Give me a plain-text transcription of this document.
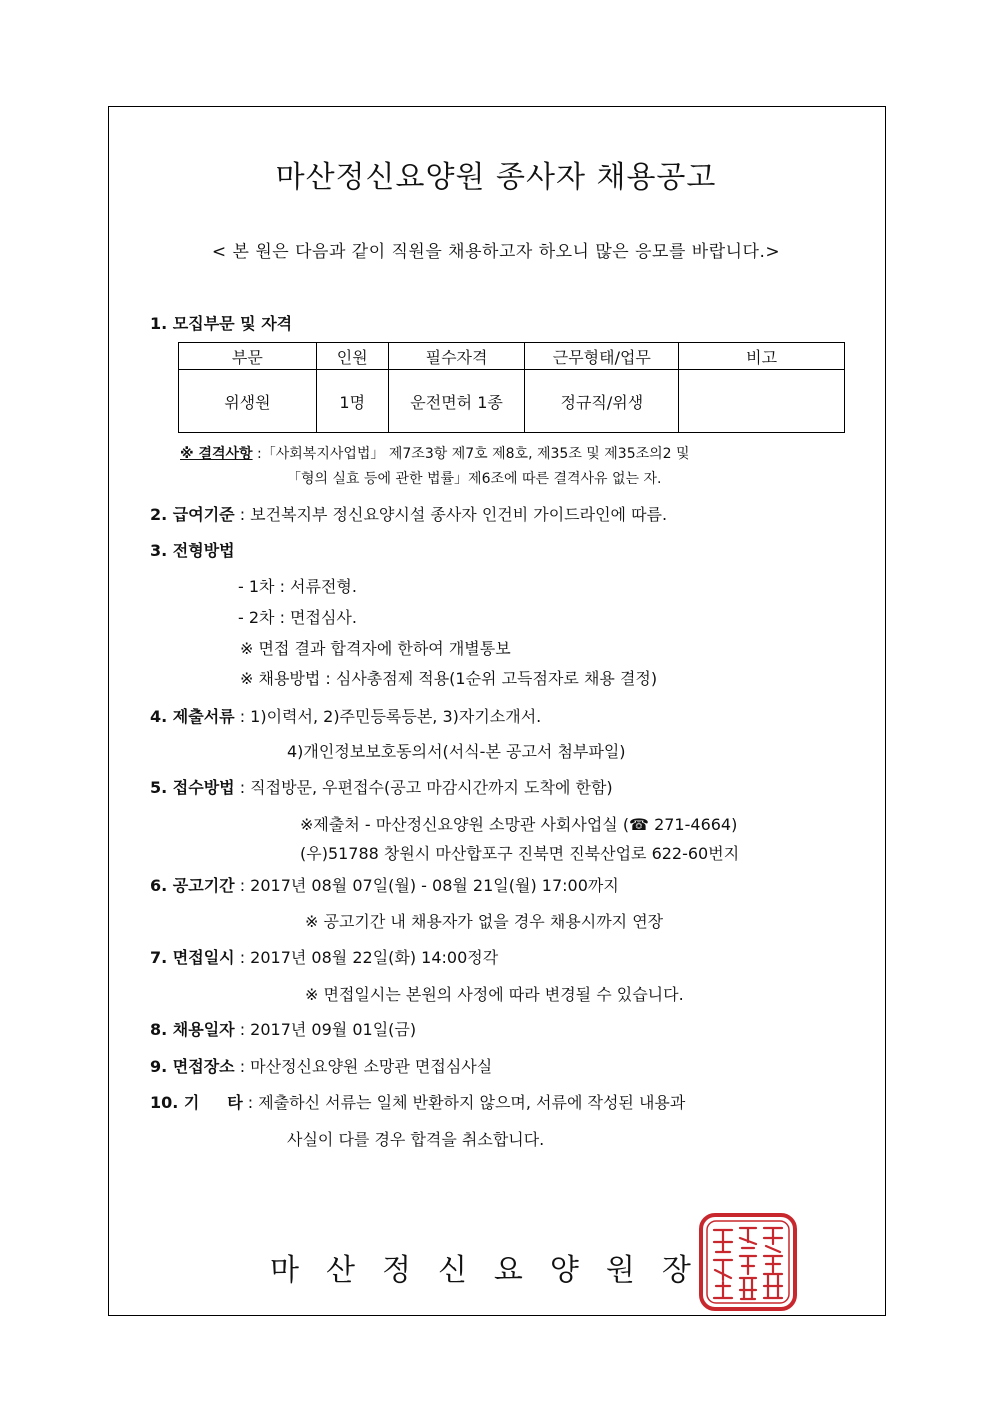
마산정신요양원 종사자 채용공고
< 본 원은 다음과 같이 직원을 채용하고자 하오니 많은 응모를 바랍니다.>
1. 모집부문 및 자격
부문	인원	필수자격	근무형태/업무	비고
위생원	1명	운전면허 1종	정규직/위생	
※ 결격사항 :「사회복지사업법」 제7조3항 제7호 제8호, 제35조 및 제35조의2 및
「형의 실효 등에 관한 법률」제6조에 따른 결격사유 없는 자.
2. 급여기준 : 보건복지부 정신요양시설 종사자 인건비 가이드라인에 따름.
3. 전형방법
- 1차 : 서류전형.
- 2차 : 면접심사.
※ 면접 결과 합격자에 한하여 개별통보
※ 채용방법 : 심사총점제 적용(1순위 고득점자로 채용 결정)
4. 제출서류 : 1)이력서, 2)주민등록등본, 3)자기소개서.
4)개인정보보호동의서(서식-본 공고서 첨부파일)
5. 접수방법 : 직접방문, 우편접수(공고 마감시간까지 도착에 한함)
※제출처 - 마산정신요양원 소망관 사회사업실 (☎ 271-4664)
(우)51788 창원시 마산합포구 진북면 진북산업로 622-60번지
6. 공고기간 : 2017년 08월 07일(월) - 08월 21일(월) 17:00까지
※ 공고기간 내 채용자가 없을 경우 채용시까지 연장
7. 면접일시 : 2017년 08월 22일(화) 14:00정각
※ 면접일시는 본원의 사정에 따라 변경될 수 있습니다.
8. 채용일자 : 2017년 09월 01일(금)
9. 면접장소 : 마산정신요양원 소망관 면접심사실
10. 기     타 : 제출하신 서류는 일체 반환하지 않으며, 서류에 작성된 내용과
사실이 다를 경우 합격을 취소합니다.
마산정신요양원장
